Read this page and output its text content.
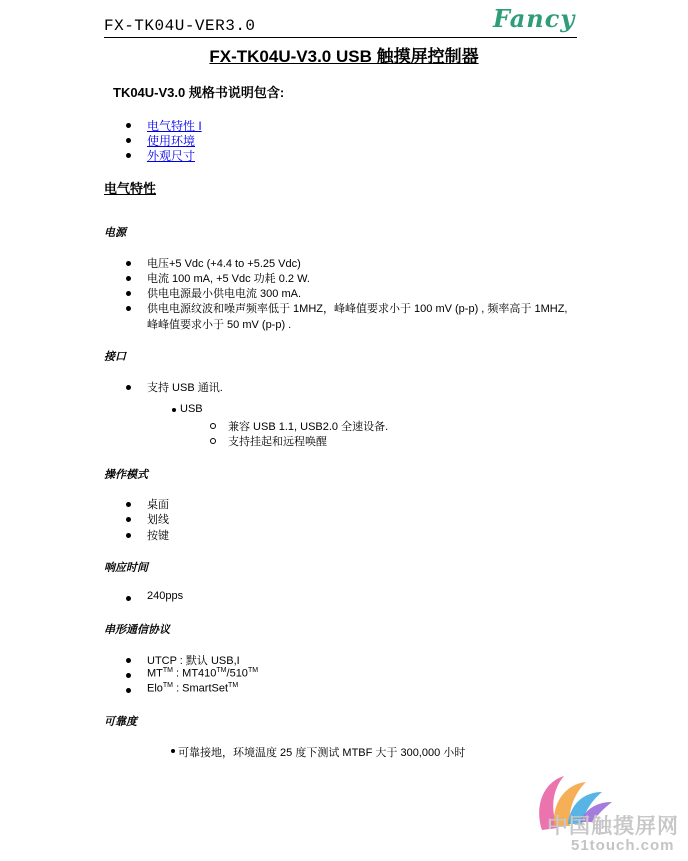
FX-TK04U-VER3.0	Fancy
FX-TK04U-V3.0 USB 触摸屏控制器
TK04U-V3.0 规格书说明包含:
电气特性 I
使用环境
外观尺寸
电气特性
电源
电压+5 Vdc (+4.4 to +5.25 Vdc)
电流 100 mA, +5 Vdc 功耗 0.2 W.
供电电源最小供电电流 300 mA.
供电电源纹波和噪声频率低于 1MHZ，峰峰值要求小于 100 mV (p-p) , 频率高于 1MHZ,
峰峰值要求小于 50 mV (p-p) .
接口
支持 USB 通讯.
USB
兼容 USB 1.1, USB2.0 全速设备.
支持挂起和远程唤醒
操作模式
桌面
划线
按键
响应时间
240pps
串形通信协议
UTCP : 默认 USB,I
MT™ : MT410™/510™
Elo™ : SmartSet™
可靠度
可靠接地，环境温度 25 度下测试 MTBF 大于 300,000 小时
中国触摸屏网
51touch.com
